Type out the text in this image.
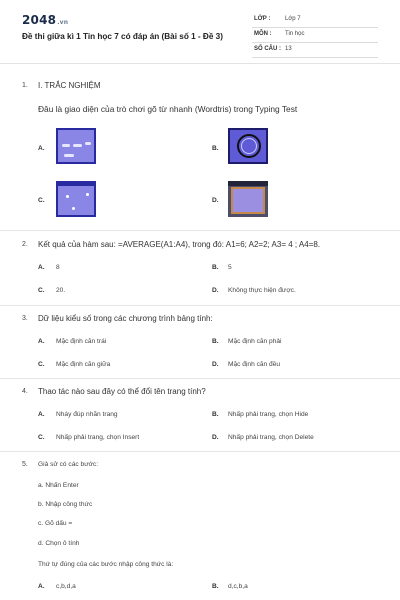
2048.vn
Đề thi giữa kì 1 Tin học 7 có đáp án (Bài số 1 - Đề 3)
LỚP : Lớp 7
MÔN : Tin học
SỐ CÂU : 13
1. I. TRẮC NGHIỆM
Đâu là giao diện của trò chơi gõ từ nhanh (Wordtris) trong Typing Test
A.	B.
C.	D.
2. Kết quả của hàm sau: =AVERAGE(A1:A4), trong đó: A1=6; A2=2; A3= 4 ; A4=8.
A. 8	B. 5
C. 20.	D. Không thực hiện được.
3. Dữ liệu kiểu số trong các chương trình bảng tính:
A. Mặc định căn trái	B. Mặc định căn phải
C. Mặc định căn giữa	D. Mặc định căn đều
4. Thao tác nào sau đây có thể đổi tên trang tính?
A. Nháy đúp nhãn trang	B. Nhấp phải trang, chọn Hide
C. Nhấp phải trang, chọn Insert	D. Nhấp phải trang, chọn Delete
5. Giả sử có các bước:
a. Nhấn Enter
b. Nhập công thức
c. Gõ dấu =
d. Chọn ô tính
Thứ tự đúng của các bước nhập công thức là:
A. c,b,d,a	B. d,c,b,a
